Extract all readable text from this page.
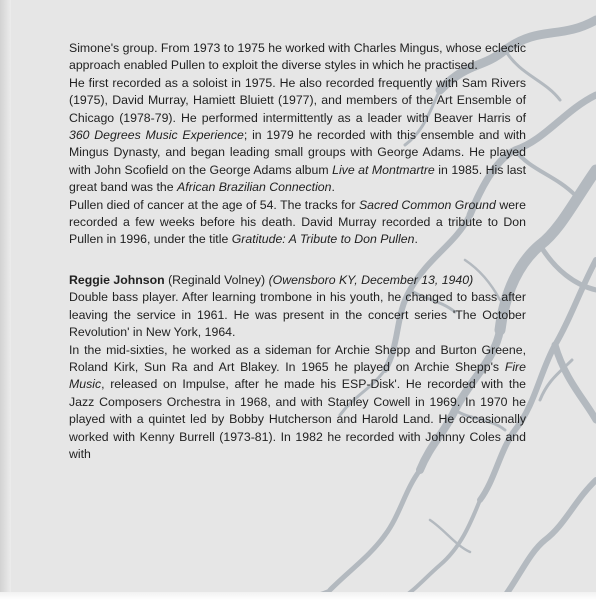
Simone's group. From 1973 to 1975 he worked with Charles Mingus, whose eclectic approach enabled Pullen to exploit the diverse styles in which he practised.

He first recorded as a soloist in 1975. He also recorded frequently with Sam Rivers (1975), David Murray, Hamiett Bluiett (1977), and members of the Art Ensemble of Chicago (1978-79). He performed intermittently as a leader with Beaver Harris of 360 Degrees Music Experience; in 1979 he recorded with this ensemble and with Mingus Dynasty, and began leading small groups with George Adams. He played with John Scofield on the George Adams album Live at Montmartre in 1985. His last great band was the African Brazilian Connection.

Pullen died of cancer at the age of 54. The tracks for Sacred Common Ground were recorded a few weeks before his death. David Murray recorded a tribute to Don Pullen in 1996, under the title Gratitude: A Tribute to Don Pullen.

Reggie Johnson (Reginald Volney) (Owensboro KY, December 13, 1940)

Double bass player. After learning trombone in his youth, he changed to bass after leaving the service in 1961. He was present in the concert series 'The October Revolution' in New York, 1964.

In the mid-sixties, he worked as a sideman for Archie Shepp and Burton Greene, Roland Kirk, Sun Ra and Art Blakey. In 1965 he played on Archie Shepp's Fire Music, released on Impulse, after he made his ESP-Disk'. He recorded with the Jazz Composers Orchestra in 1968, and with Stanley Cowell in 1969. In 1970 he played with a quintet led by Bobby Hutcherson and Harold Land. He occasionally worked with Kenny Burrell (1973-81). In 1982 he recorded with Johnny Coles and with
